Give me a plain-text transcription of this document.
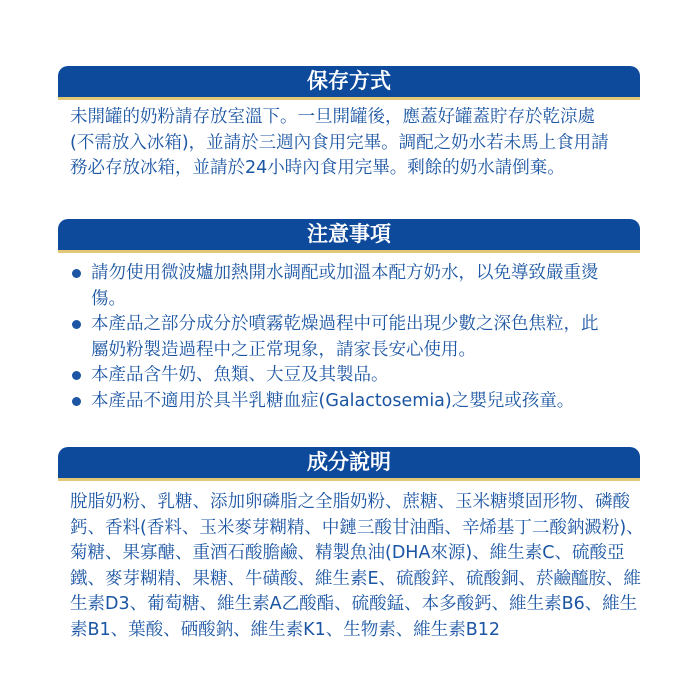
保存方式
未開罐的奶粉請存放室溫下。一旦開罐後，應蓋好罐蓋貯存於乾涼處
(不需放入冰箱)，並請於三週內食用完畢。調配之奶水若未馬上食用請
務必存放冰箱，並請於24小時內食用完畢。剩餘的奶水請倒棄。
注意事項
請勿使用微波爐加熱開水調配或加溫本配方奶水，以免導致嚴重燙
傷。
本產品之部分成分於噴霧乾燥過程中可能出現少數之深色焦粒，此
屬奶粉製造過程中之正常現象，請家長安心使用。
本產品含牛奶、魚類、大豆及其製品。
本產品不適用於具半乳糖血症(Galactosemia)之嬰兒或孩童。
成分說明
脫脂奶粉、乳糖、添加卵磷脂之全脂奶粉、蔗糖、玉米糖漿固形物、磷酸
鈣、香料(香料、玉米麥芽糊精、中鏈三酸甘油酯、辛烯基丁二酸鈉澱粉)、
菊糖、果寡醣、重酒石酸膽鹼、精製魚油(DHA來源)、維生素C、硫酸亞
鐵、麥芽糊精、果糖、牛磺酸、維生素E、硫酸鋅、硫酸銅、菸鹼醯胺、維
生素D3、葡萄糖、維生素A乙酸酯、硫酸錳、本多酸鈣、維生素B6、維生
素B1、葉酸、硒酸鈉、維生素K1、生物素、維生素B12
